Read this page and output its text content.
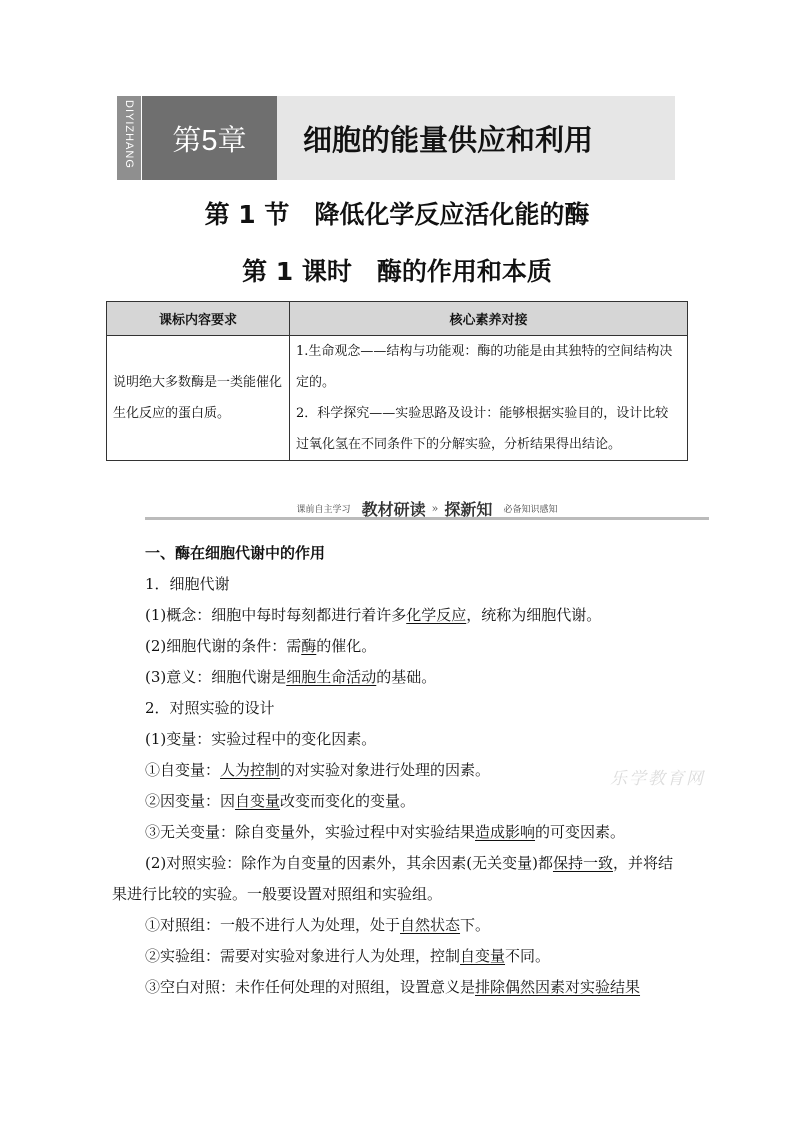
DIYIZHANG 第5章 细胞的能量供应和利用
第 1 节　降低化学反应活化能的酶
第 1 课时　酶的作用和本质
课标内容要求	核心素养对接
说明绝大多数酶是一类能催化生化反应的蛋白质。	1.生命观念——结构与功能观：酶的功能是由其独特的空间结构决定的。

2．科学探究——实验思路及设计：能够根据实验目的，设计比较过氧化氢在不同条件下的分解实验，分析结果得出结论。

课前自主学习 教材研读 » 探新知 必备知识感知

一、酶在细胞代谢中的作用

1．细胞代谢

(1)概念：细胞中每时每刻都进行着许多化学反应，统称为细胞代谢。

(2)细胞代谢的条件：需酶的催化。

(3)意义：细胞代谢是细胞生命活动的基础。

2．对照实验的设计

(1)变量：实验过程中的变化因素。

①自变量：人为控制的对实验对象进行处理的因素。

②因变量：因自变量改变而变化的变量。

③无关变量：除自变量外，实验过程中对实验结果造成影响的可变因素。

(2)对照实验：除作为自变量的因素外，其余因素(无关变量)都保持一致，并将结果进行比较的实验。一般要设置对照组和实验组。

①对照组：一般不进行人为处理，处于自然状态下。

②实验组：需要对实验对象进行人为处理，控制自变量不同。

③空白对照：未作任何处理的对照组，设置意义是排除偶然因素对实验结果

乐学教育网
